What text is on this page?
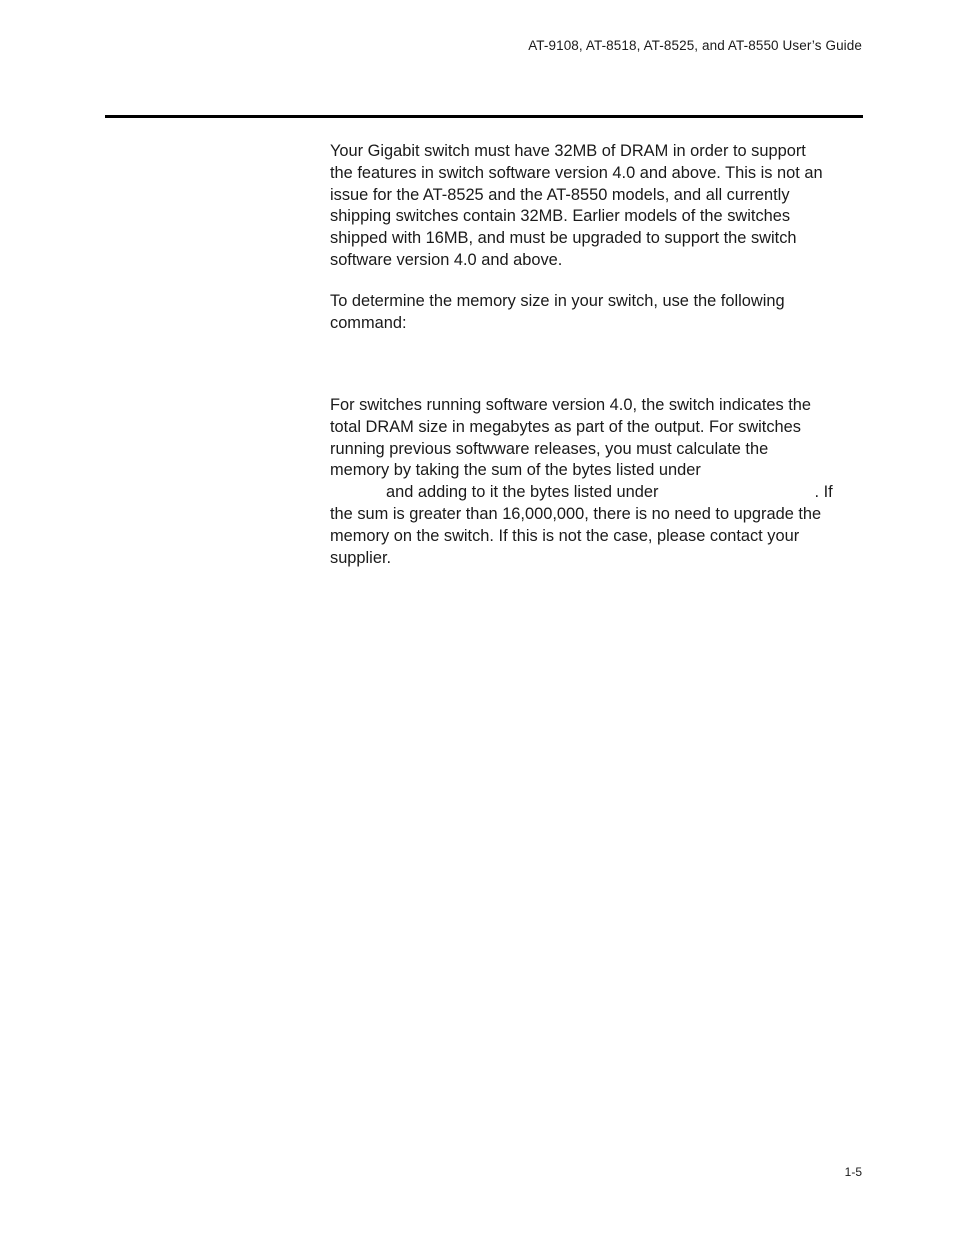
AT-9108, AT-8518, AT-8525, and AT-8550 User’s Guide
Your Gigabit switch must have 32MB of DRAM in order to support
the features in switch software version 4.0 and above. This is not an
issue for the AT-8525 and the AT-8550 models, and all currently
shipping switches contain 32MB. Earlier models of the switches
shipped with 16MB, and must be upgraded to support the switch
software version 4.0 and above.
To determine the memory size in your switch, use the following
command:
For switches running software version 4.0, the switch indicates the
total DRAM size in megabytes as part of the output. For switches
running previous softwware releases, you must calculate the
memory by taking the sum of the bytes listed under
and adding to it the bytes listed under	. If
the sum is greater than 16,000,000, there is no need to upgrade the
memory on the switch. If this is not the case, please contact your
supplier.
1-5
